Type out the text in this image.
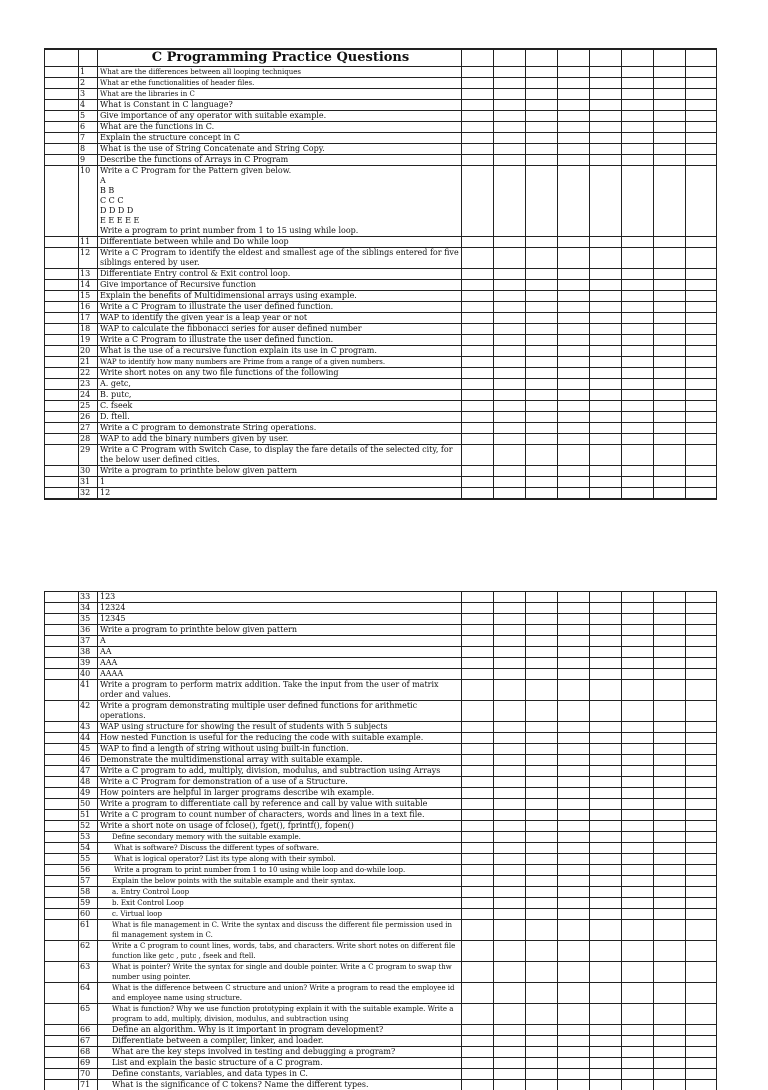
C Programming Practice Questions
1	What are the differences between all looping techniques
2	What ar ethe functionalities of header files.
3	What are the libraries in C
4	What is Constant in C language?
5	Give importance of any operator with suitable example.
6	What are the functions in C.
7	Explain the structure concept in C
8	What is the use of String Concatenate and String Copy.
9	Describe the functions of Arrays in C Program
10	Write a C Program for the Pattern given below.
A
B B
C C C
D D D D
E E E E E
Write a program to print number from 1 to 15 using while loop.
11	Differentiate between while and Do while loop
12	Write a C Program to identify the eldest and smallest age of the siblings entered for five siblings entered by user.
13	Differentiate Entry control & Exit control loop.
14	Give importance of Recursive function
15	Explain the benefits of Multidimensional arrays using example.
16	Write a C Program to illustrate the user defined function.
17	WAP to identify the given year is a leap year or not
18	WAP to calculate the fibbonacci series for auser defined number
19	Write a C Program to illustrate the user defined function.
20	What is the use of a recursive function explain its use in C program.
21	WAP to identify how many numbers are Prime from a range of a given numbers.
22	Write short notes on any two file functions of the following
23	A. getc,
24	B. putc,
25	C. fseek
26	D. ftell.
27	Write a C program to demonstrate String operations.
28	WAP to add the binary numbers given by user.
29	Write a C Program with Switch Case, to display the fare details of the selected city, for the below user defined cities.
30	Write a program to printhte below given pattern
31	1
32	12
33	123
34	12324
35	12345
36	Write a program to printhte below given pattern
37	A
38	AA
39	AAA
40	AAAA
41	Write a program to perform matrix addition. Take the input from the user of matrix order and values.
42	Write a program demonstrating multiple user defined functions for arithmetic operations.
43	WAP using structure for showing the result of students with 5 subjects
44	How nested Function is useful for the reducing the code with suitable example.
45	WAP to find a length of string without using built-in function.
46	Demonstrate the multidimenstional array with suitable example.
47	Write a C program to add, multiply, division, modulus, and subtraction using Arrays
48	Write a C Program for demonstration of a use of a Structure.
49	How pointers are helpful in larger programs describe wih example.
50	Write a program to differentiate call by reference and call by value with suitable
51	Write a C program to count number of characters, words and lines in a text file.
52	Write a short note on usage of fclose(), fget(), fprintf(), fopen()
53	Define secondary memory with the suitable example.
54	What is software? Discuss the different types of software.
55	What is logical operator? List its type along with their symbol.
56	Write a program to print number from 1 to 10 using while loop and do-while loop.
57	Explain the below points with the suitable example and their syntax.
58	a. Entry Control Loop
59	b. Exit Control Loop
60	c. Virtual loop
61	What is file management in C. Write the syntax and discuss the different file permission used in fil management system in C.
62	Write a C program to count lines, words, tabs, and characters. Write short notes on different file function like getc , putc , fseek and ftell.
63	What is pointer? Write the syntax for single and double pointer. Write a C program to swap thw number using pointer.
64	What is the difference between C structure and union? Write a program to read the employee id and employee name using structure.
65	What is function? Why we use function prototyping explain it with the suitable example. Write a program to add, multiply, division, modulus, and subtraction using
66	Define an algorithm. Why is it important in program development?
67	Differentiate between a compiler, linker, and loader.
68	What are the key steps involved in testing and debugging a program?
69	List and explain the basic structure of a C program.
70	Define constants, variables, and data types in C.
71	What is the significance of C tokens? Name the different types.
